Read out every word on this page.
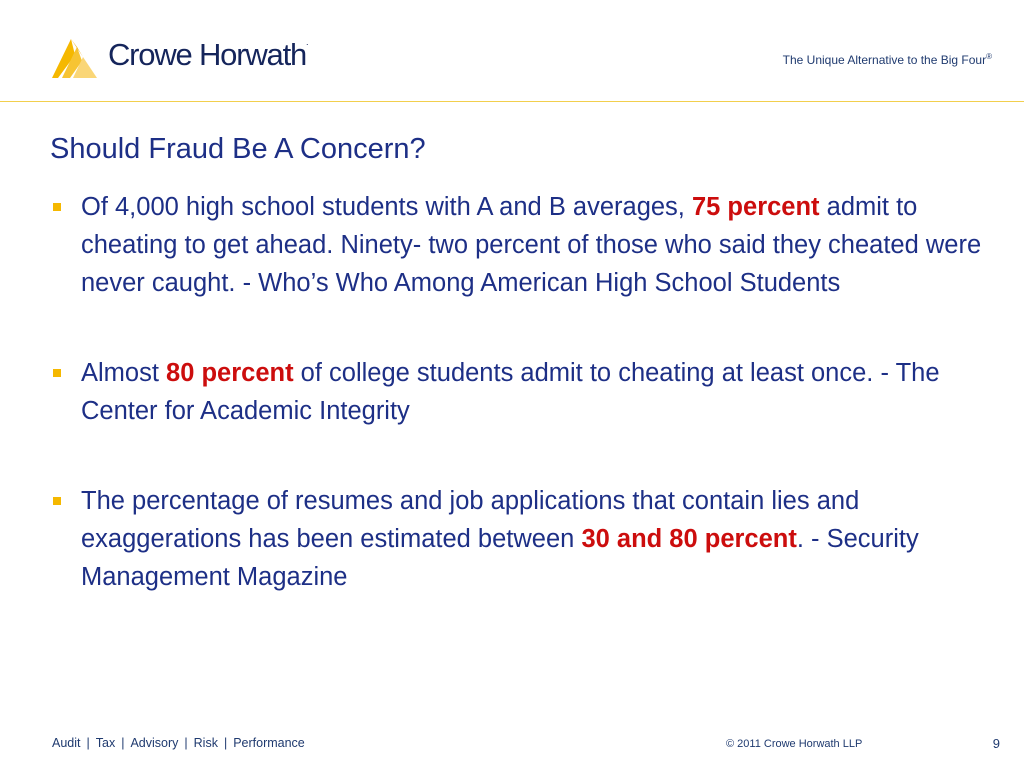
Crowe Horwath.
The Unique Alternative to the Big Four®
Should Fraud Be A Concern?
Of 4,000 high school students with A and B averages, 75 percent admit to cheating to get ahead. Ninety- two percent of those who said they cheated were never caught. - Who’s Who Among American High School Students
Almost 80 percent of college students admit to cheating at least once. - The Center for Academic Integrity
The percentage of resumes and job applications that contain lies and exaggerations has been estimated between 30 and 80 percent. - Security Management Magazine
Audit | Tax | Advisory | Risk | Performance	© 2011 Crowe Horwath LLP	9
